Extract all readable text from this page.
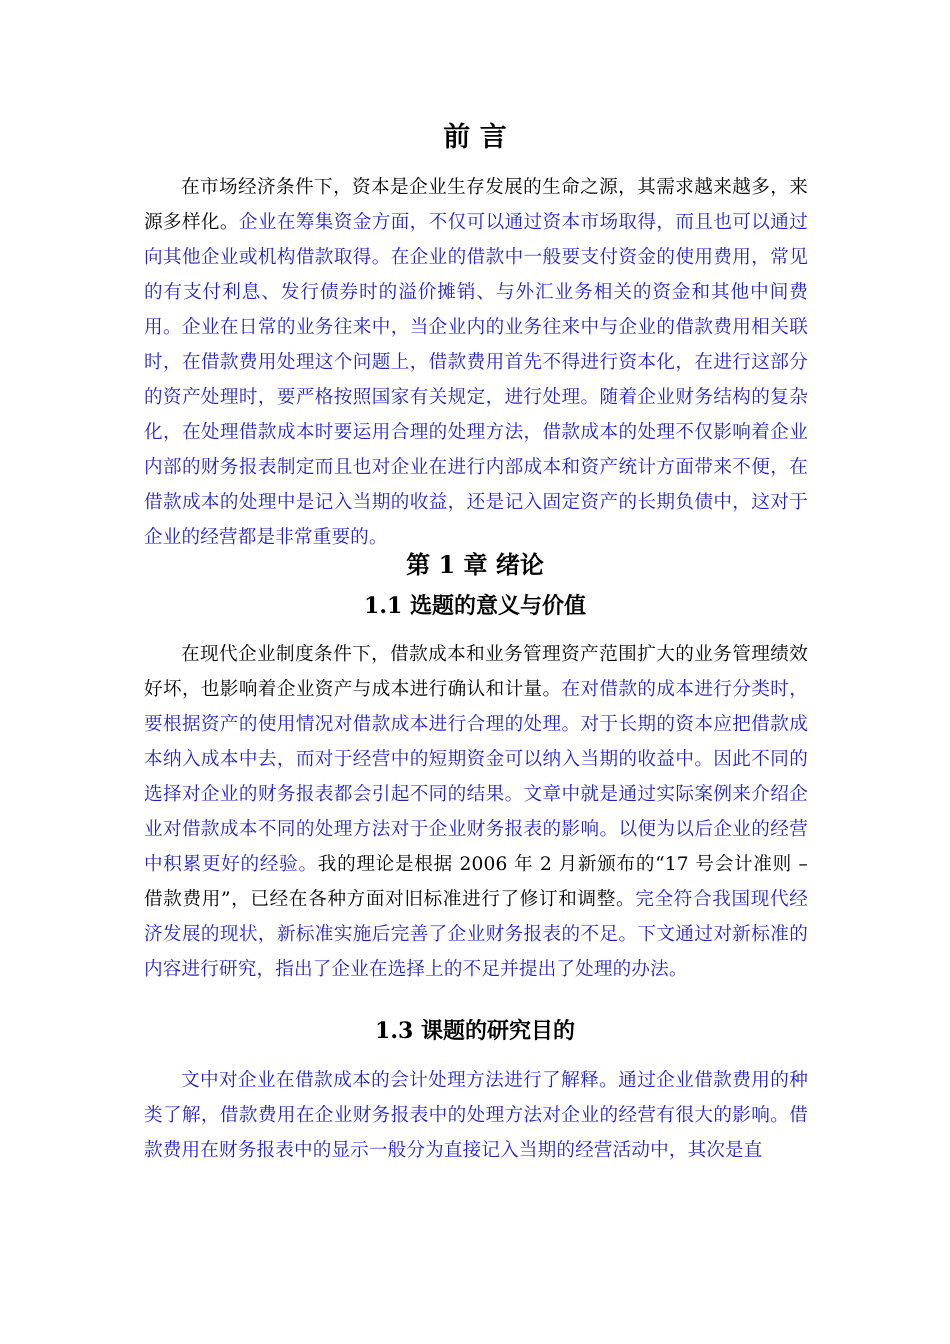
前 言

在市场经济条件下，资本是企业生存发展的生命之源，其需求越来越多，来源多样化。企业在筹集资金方面，不仅可以通过资本市场取得，而且也可以通过向其他企业或机构借款取得。在企业的借款中一般要支付资金的使用费用，常见的有支付利息、发行债券时的溢价摊销、与外汇业务相关的资金和其他中间费用。企业在日常的业务往来中，当企业内的业务往来中与企业的借款费用相关联时，在借款费用处理这个问题上，借款费用首先不得进行资本化，在进行这部分的资产处理时，要严格按照国家有关规定，进行处理。随着企业财务结构的复杂化，在处理借款成本时要运用合理的处理方法，借款成本的处理不仅影响着企业内部的财务报表制定而且也对企业在进行内部成本和资产统计方面带来不便，在借款成本的处理中是记入当期的收益，还是记入固定资产的长期负债中，这对于企业的经营都是非常重要的。

第 1 章 绪论
1.1 选题的意义与价值

在现代企业制度条件下，借款成本和业务管理资产范围扩大的业务管理绩效好坏，也影响着企业资产与成本进行确认和计量。在对借款的成本进行分类时，要根据资产的使用情况对借款成本进行合理的处理。对于长期的资本应把借款成本纳入成本中去，而对于经营中的短期资金可以纳入当期的收益中。因此不同的选择对企业的财务报表都会引起不同的结果。文章中就是通过实际案例来介绍企业对借款成本不同的处理方法对于企业财务报表的影响。以便为以后企业的经营中积累更好的经验。我的理论是根据 2006 年 2 月新颁布的“17 号会计准则 – 借款费用”，已经在各种方面对旧标准进行了修订和调整。完全符合我国现代经济发展的现状，新标准实施后完善了企业财务报表的不足。下文通过对新标准的内容进行研究，指出了企业在选择上的不足并提出了处理的办法。

1.3 课题的研究目的

文中对企业在借款成本的会计处理方法进行了解释。通过企业借款费用的种类了解，借款费用在企业财务报表中的处理方法对企业的经营有很大的影响。借款费用在财务报表中的显示一般分为直接记入当期的经营活动中，其次是直
